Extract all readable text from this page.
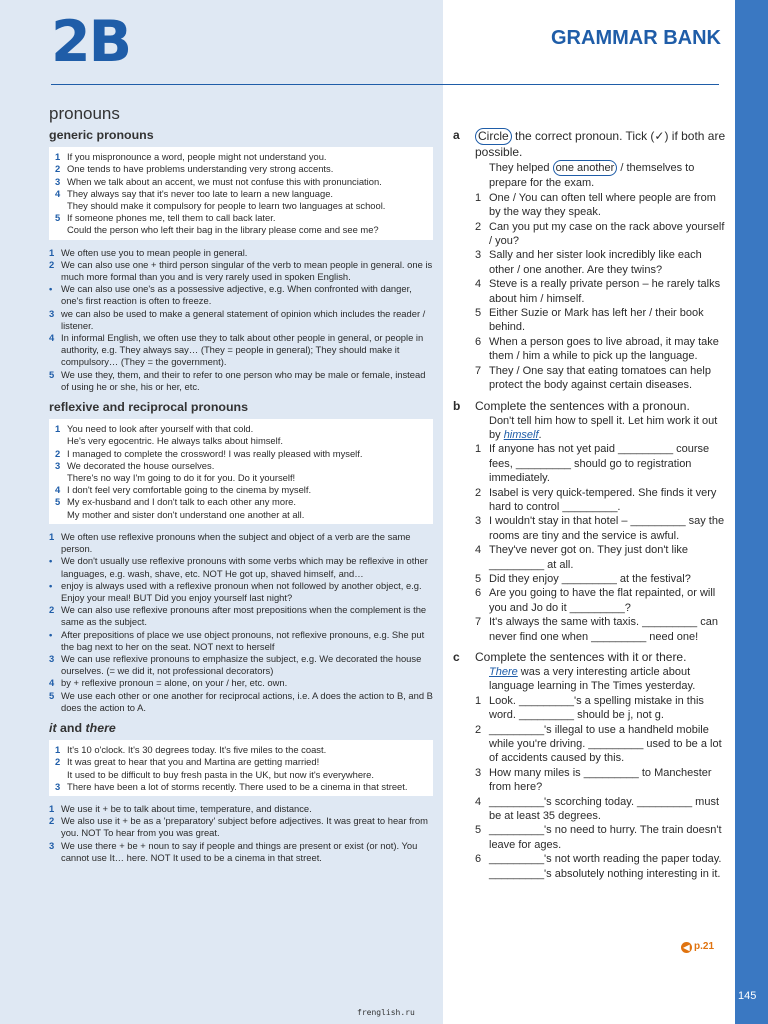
2B	GRAMMAR BANK
pronouns
generic pronouns
1 If you mispronounce a word, people might not understand you.
2 One tends to have problems understanding very strong accents.
3 When we talk about an accent, we must not confuse this with pronunciation.
4 They always say that it's never too late to learn a new language.
They should make it compulsory for people to learn two languages at school.
5 If someone phones me, tell them to call back later.
Could the person who left their bag in the library please come and see me?
1 We often use you to mean people in general.
2 We can also use one + third person singular of the verb to mean people in general. one is much more formal than you and is very rarely used in spoken English.
• We can also use one's as a possessive adjective, e.g. When confronted with danger, one's first reaction is often to freeze.
3 we can also be used to make a general statement of opinion which includes the reader / listener.
4 In informal English, we often use they to talk about other people in general, or people in authority, e.g. They always say… (They = people in general); They should make it compulsory… (They = the government).
5 We use they, them, and their to refer to one person who may be male or female, instead of using he or she, his or her, etc.
reflexive and reciprocal pronouns
1 You need to look after yourself with that cold.
He's very egocentric. He always talks about himself.
2 I managed to complete the crossword! I was really pleased with myself.
3 We decorated the house ourselves.
There's no way I'm going to do it for you. Do it yourself!
4 I don't feel very comfortable going to the cinema by myself.
5 My ex-husband and I don't talk to each other any more.
My mother and sister don't understand one another at all.
1 We often use reflexive pronouns when the subject and object of a verb are the same person.
• We don't usually use reflexive pronouns with some verbs which may be reflexive in other languages, e.g. wash, shave, etc. NOT He got up, shaved himself, and…
• enjoy is always used with a reflexive pronoun when not followed by another object, e.g. Enjoy your meal! BUT Did you enjoy yourself last night?
2 We can also use reflexive pronouns after most prepositions when the complement is the same as the subject.
• After prepositions of place we use object pronouns, not reflexive pronouns, e.g. She put the bag next to her on the seat. NOT next to herself
3 We can use reflexive pronouns to emphasize the subject, e.g. We decorated the house ourselves. (= we did it, not professional decorators)
4 by + reflexive pronoun = alone, on your / her, etc. own.
5 We use each other or one another for reciprocal actions, i.e. A does the action to B, and B does the action to A.
it and there
1 It's 10 o'clock. It's 30 degrees today. It's five miles to the coast.
2 It was great to hear that you and Martina are getting married!
It used to be difficult to buy fresh pasta in the UK, but now it's everywhere.
3 There have been a lot of storms recently. There used to be a cinema in that street.
1 We use it + be to talk about time, temperature, and distance.
2 We also use it + be as a 'preparatory' subject before adjectives. It was great to hear from you. NOT To hear from you was great.
3 We use there + be + noun to say if people and things are present or exist (or not). You cannot use It… here. NOT It used to be a cinema in that street.
a	Circle the correct pronoun. Tick (✓) if both are possible.
They helped one another / themselves to prepare for the exam.
1 One / You can often tell where people are from by the way they speak.
2 Can you put my case on the rack above yourself / you?
3 Sally and her sister look incredibly like each other / one another. Are they twins?
4 Steve is a really private person – he rarely talks about him / himself.
5 Either Suzie or Mark has left her / their book behind.
6 When a person goes to live abroad, it may take them / him a while to pick up the language.
7 They / One say that eating tomatoes can help protect the body against certain diseases.
b	Complete the sentences with a pronoun.
Don't tell him how to spell it. Let him work it out by himself.
1 If anyone has not yet paid _________ course fees, _________ should go to registration immediately.
2 Isabel is very quick-tempered. She finds it very hard to control _________.
3 I wouldn't stay in that hotel – _________ say the rooms are tiny and the service is awful.
4 They've never got on. They just don't like _________ at all.
5 Did they enjoy _________ at the festival?
6 Are you going to have the flat repainted, or will you and Jo do it _________?
7 It's always the same with taxis. _________ can never find one when _________ need one!
c	Complete the sentences with it or there.
There was a very interesting article about language learning in The Times yesterday.
1 Look. _________'s a spelling mistake in this word. _________ should be j, not g.
2 _________'s illegal to use a handheld mobile while you're driving. _________ used to be a lot of accidents caused by this.
3 How many miles is _________ to Manchester from here?
4 _________'s scorching today. _________ must be at least 35 degrees.
5 _________'s no need to hurry. The train doesn't leave for ages.
6 _________'s not worth reading the paper today. _________'s absolutely nothing interesting in it.
◀ p.21
145
frenglish.ru
